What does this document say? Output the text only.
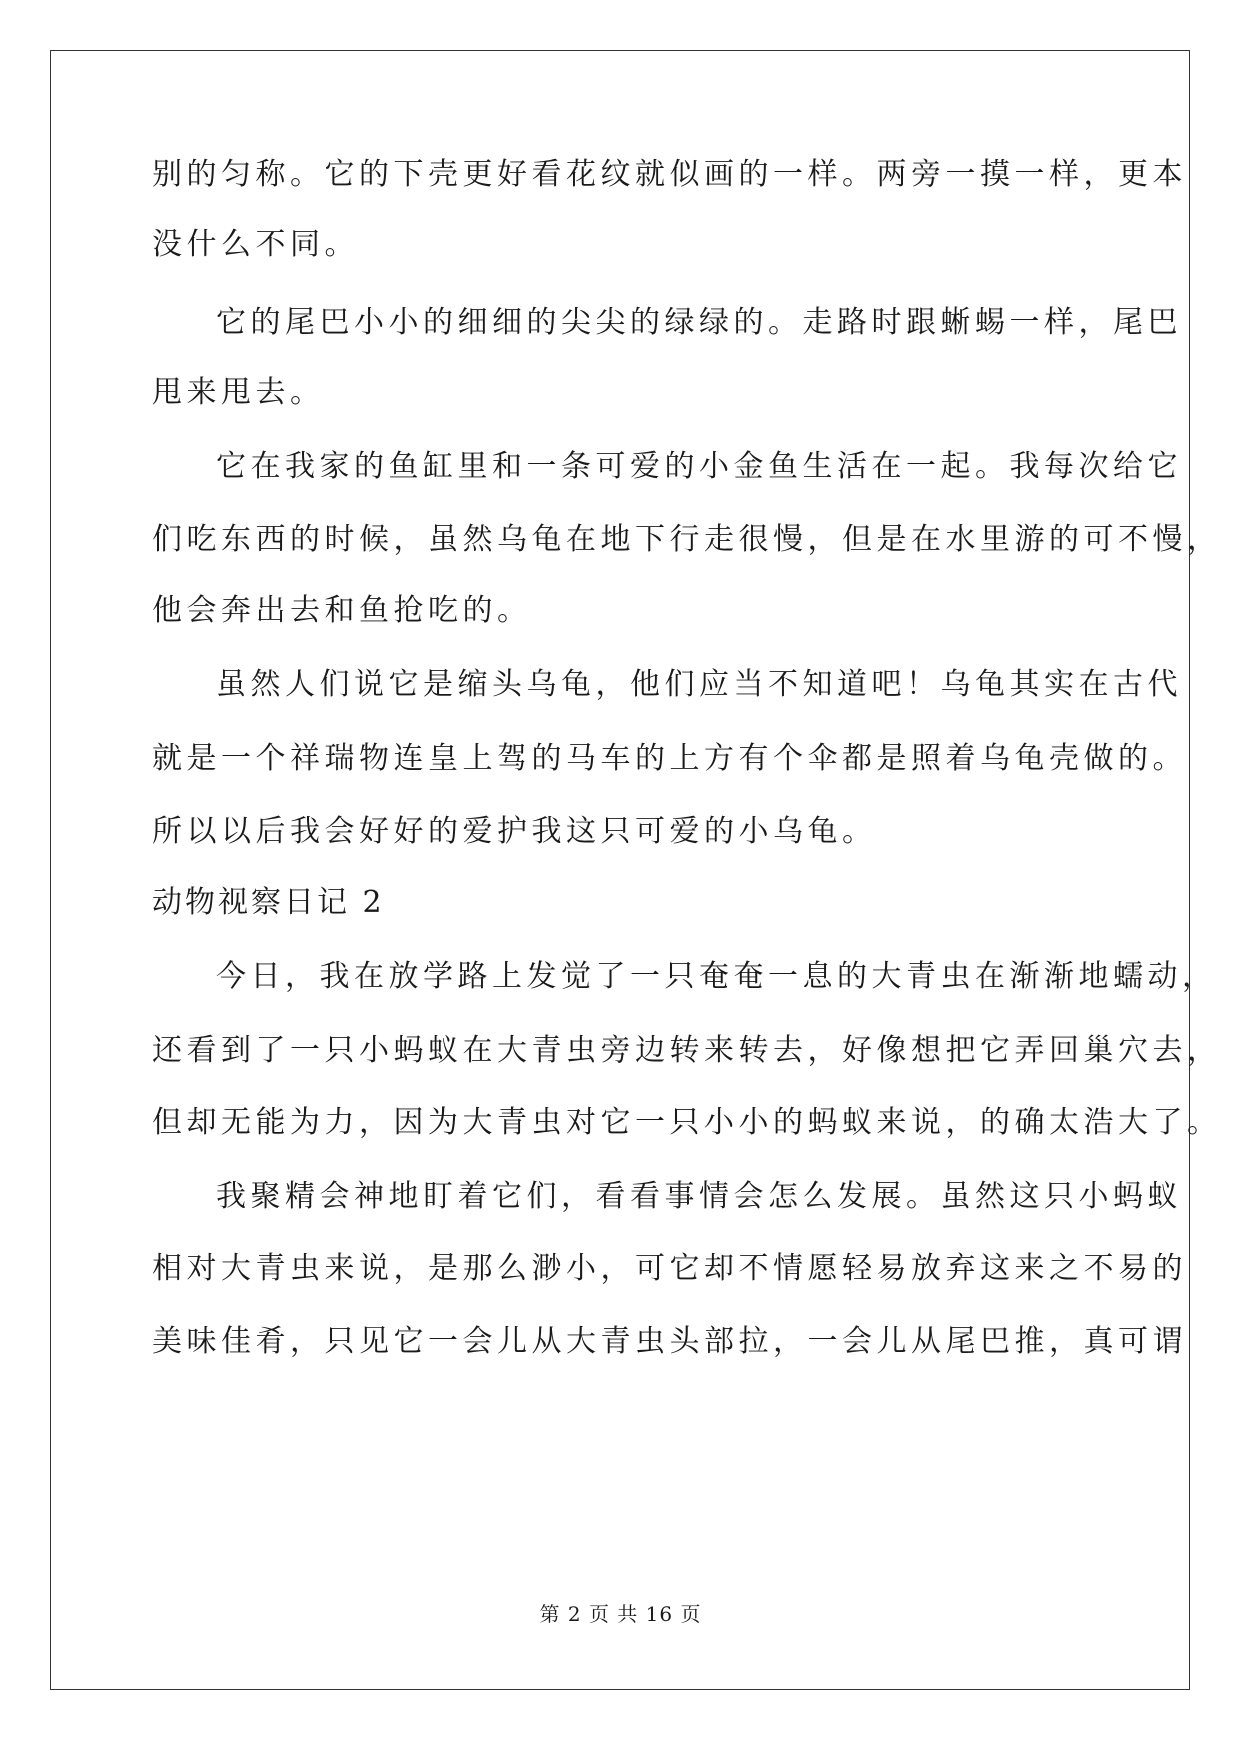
别的匀称。它的下壳更好看花纹就似画的一样。两旁一摸一样，更本
没什么不同。
它的尾巴小小的细细的尖尖的绿绿的。走路时跟蜥蜴一样，尾巴
甩来甩去。
它在我家的鱼缸里和一条可爱的小金鱼生活在一起。我每次给它
们吃东西的时候，虽然乌龟在地下行走很慢，但是在水里游的可不慢，
他会奔出去和鱼抢吃的。
虽然人们说它是缩头乌龟，他们应当不知道吧！乌龟其实在古代
就是一个祥瑞物连皇上驾的马车的上方有个伞都是照着乌龟壳做的。
所以以后我会好好的爱护我这只可爱的小乌龟。
动物视察日记 2
今日，我在放学路上发觉了一只奄奄一息的大青虫在渐渐地蠕动，
还看到了一只小蚂蚁在大青虫旁边转来转去，好像想把它弄回巢穴去，
但却无能为力，因为大青虫对它一只小小的蚂蚁来说，的确太浩大了。
我聚精会神地盯着它们，看看事情会怎么发展。虽然这只小蚂蚁
相对大青虫来说，是那么渺小，可它却不情愿轻易放弃这来之不易的
美味佳肴，只见它一会儿从大青虫头部拉，一会儿从尾巴推，真可谓
第 2 页 共 16 页
